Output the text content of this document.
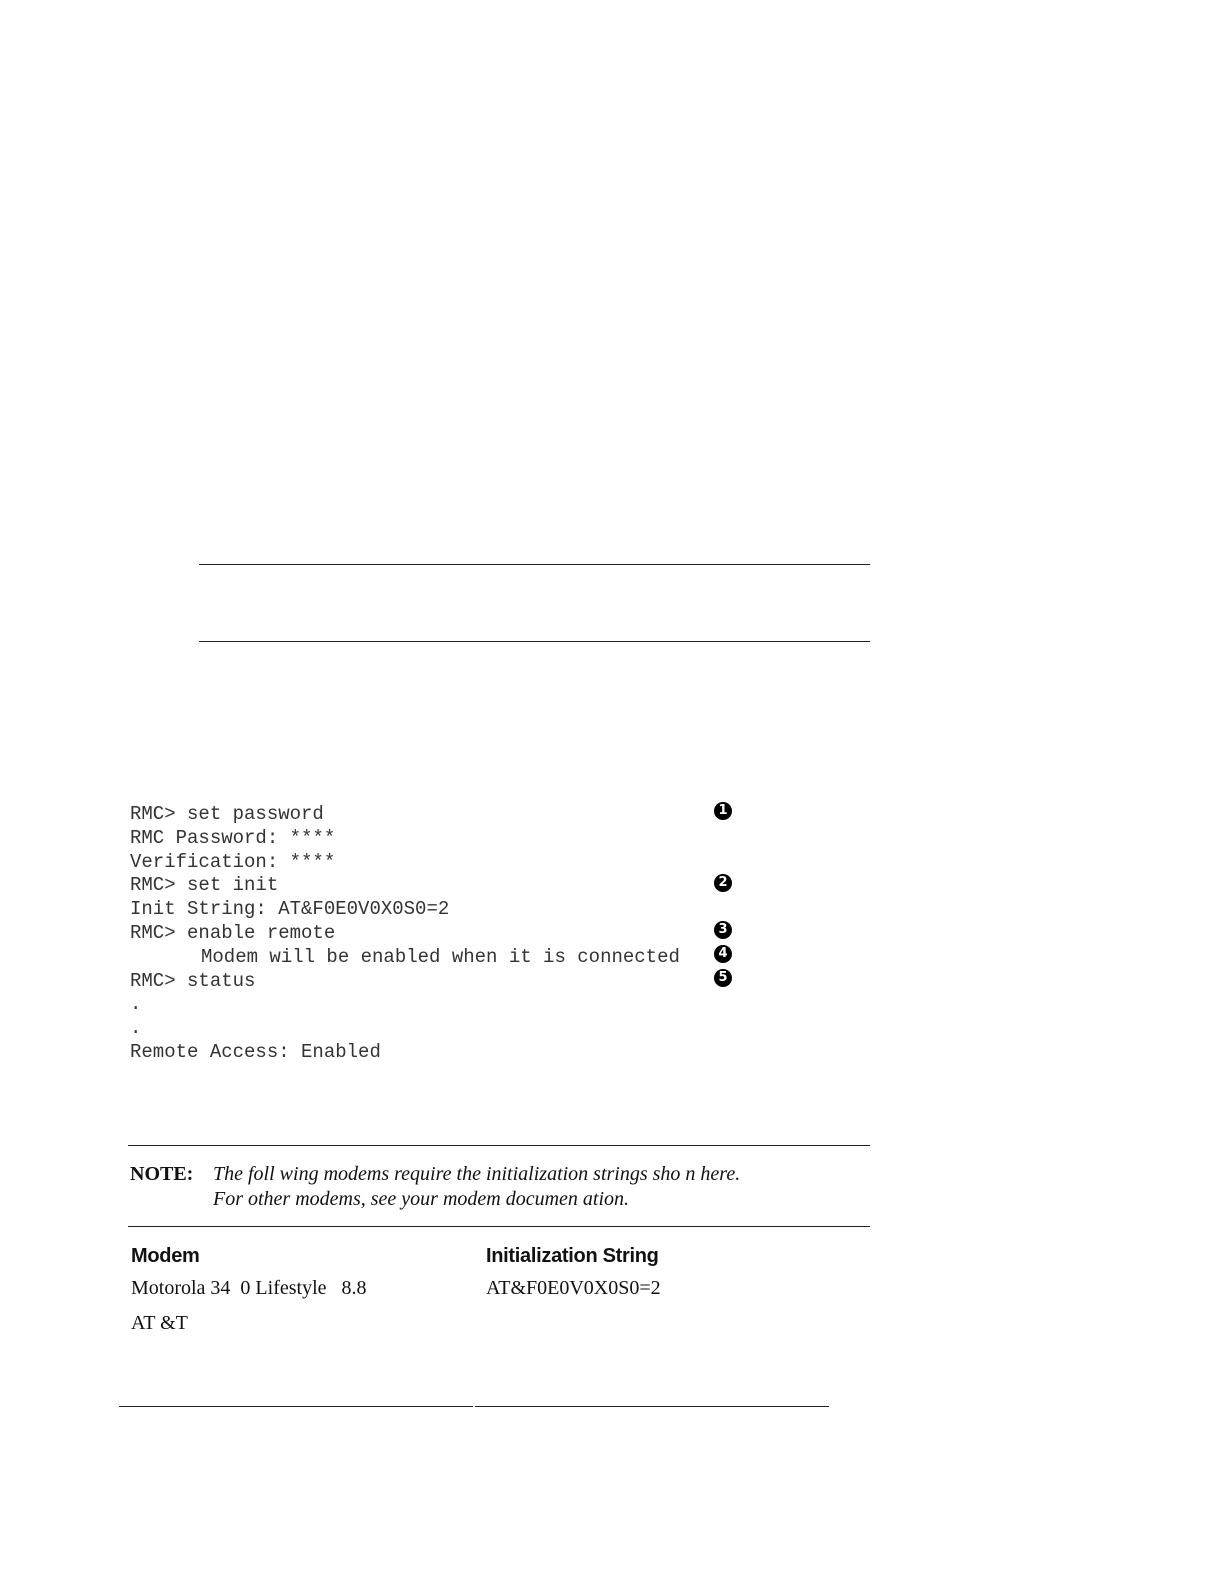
RMC> set password
RMC Password: ****
Verification: ****
RMC> set init
Init String: AT&F0E0V0X0S0=2
RMC> enable remote
Modem will be enabled when it is connected
RMC> status
.
.
Remote Access: Enabled
1
2
3
4
5
NOTE: The foll wing modems require the initialization strings sho n here.
For other modems, see your modem documen ation.
Modem	Initialization String
Motorola 34  0 Lifestyle   8.8	AT&F0E0V0X0S0=2
AT &T
